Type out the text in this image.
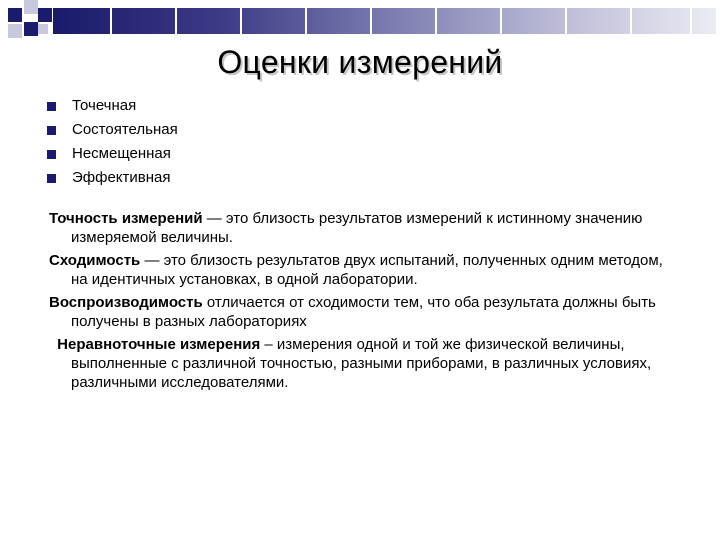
Оценки измерений
Точечная
Состоятельная
Несмещенная
Эффективная

Точность измерений — это близость результатов измерений к истинному значению измеряемой величины.

Сходимость — это близость результатов двух испытаний, полученных одним методом, на идентичных установках, в одной лаборатории.

Воспроизводимость отличается от сходимости тем, что оба результата должны быть получены в разных лабораториях

Неравноточные измерения – измерения одной и той же физической величины, выполненные с различной точностью, разными приборами, в различных условиях, различными исследователями.
